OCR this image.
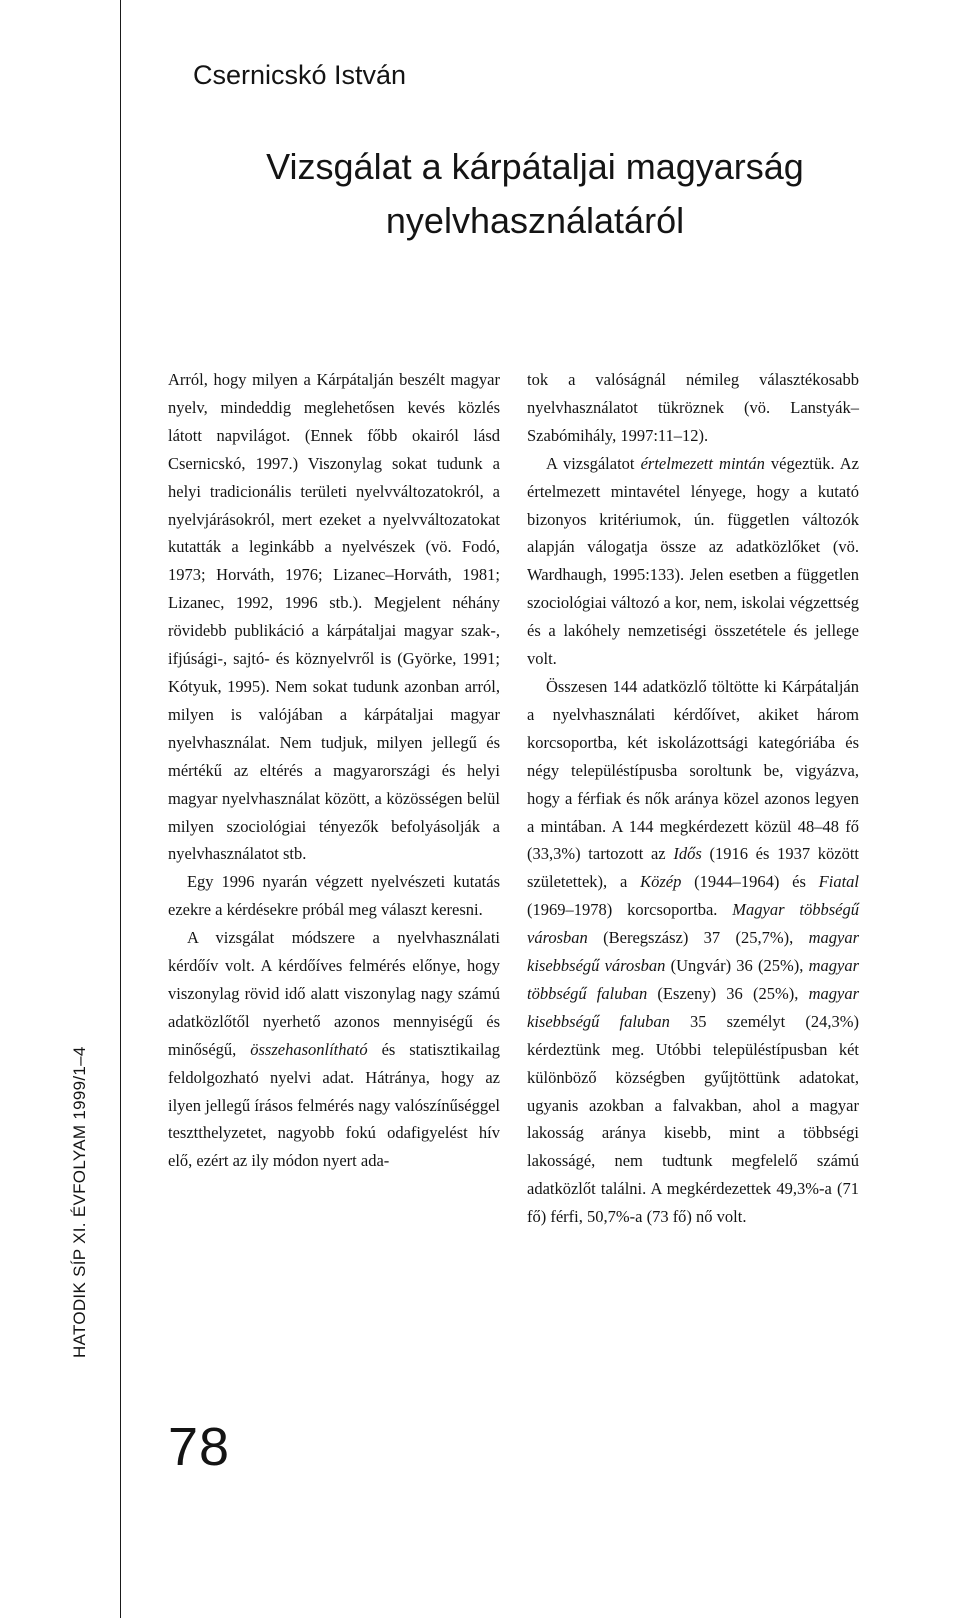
HATODIK SÍP XI. ÉVFOLYAM 1999/1–4
Csernicskó István
Vizsgálat a kárpátaljai magyarság
nyelvhasználatáról

Arról, hogy milyen a Kárpátalján beszélt magyar nyelv, mindeddig meglehetősen kevés közlés látott napvilágot. (Ennek főbb okairól lásd Csernicskó, 1997.) Viszonylag sokat tudunk a helyi tradicionális területi nyelvváltozatokról, a nyelvjárásokról, mert ezeket a nyelvváltozatokat kutatták a leginkább a nyelvészek (vö. Fodó, 1973; Horváth, 1976; Lizanec–Horváth, 1981; Lizanec, 1992, 1996 stb.). Megjelent néhány rövidebb publikáció a kárpátaljai magyar szak-, ifjúsági-, sajtó- és köznyelvről is (Györke, 1991; Kótyuk, 1995). Nem sokat tudunk azonban arról, milyen is valójában a kárpátaljai magyar nyelvhasználat. Nem tudjuk, milyen jellegű és mértékű az eltérés a magyarországi és helyi magyar nyelvhasználat között, a közösségen belül milyen szociológiai tényezők befolyásolják a nyelvhasználatot stb.

Egy 1996 nyarán végzett nyelvészeti kutatás ezekre a kérdésekre próbál meg választ keresni.

A vizsgálat módszere a nyelvhasználati kérdőív volt. A kérdőíves felmérés előnye, hogy viszonylag rövid idő alatt viszonylag nagy számú adatközlőtől nyerhető azonos mennyiségű és minőségű, összehasonlítható és statisztikailag feldolgozható nyelvi adat. Hátránya, hogy az ilyen jellegű írásos felmérés nagy valószínűséggel tesztthelyzetet, nagyobb fokú odafigyelést hív elő, ezért az ily módon nyert ada-

tok a valóságnál némileg választékosabb nyelvhasználatot tükröznek (vö. Lanstyák–Szabómihály, 1997:11–12).

A vizsgálatot értelmezett mintán végeztük. Az értelmezett mintavétel lényege, hogy a kutató bizonyos kritériumok, ún. független változók alapján válogatja össze az adatközlőket (vö. Wardhaugh, 1995:133). Jelen esetben a független szociológiai változó a kor, nem, iskolai végzettség és a lakóhely nemzetiségi összetétele és jellege volt.

Összesen 144 adatközlő töltötte ki Kárpátalján a nyelvhasználati kérdőívet, akiket három korcsoportba, két iskolázottsági kategóriába és négy településtípusba soroltunk be, vigyázva, hogy a férfiak és nők aránya közel azonos legyen a mintában. A 144 megkérdezett közül 48–48 fő (33,3%) tartozott az Idős (1916 és 1937 között születettek), a Közép (1944–1964) és Fiatal (1969–1978) korcsoportba. Magyar többségű városban (Beregszász) 37 (25,7%), magyar kisebbségű városban (Ungvár) 36 (25%), magyar többségű faluban (Eszeny) 36 (25%), magyar kisebbségű faluban 35 személyt (24,3%) kérdeztünk meg. Utóbbi településtípusban két különböző községben gyűjtöttünk adatokat, ugyanis azokban a falvakban, ahol a magyar lakosság aránya kisebb, mint a többségi lakosságé, nem tudtunk megfelelő számú adatközlőt találni. A megkérdezettek 49,3%-a (71 fő) férfi, 50,7%-a (73 fő) nő volt.

78
